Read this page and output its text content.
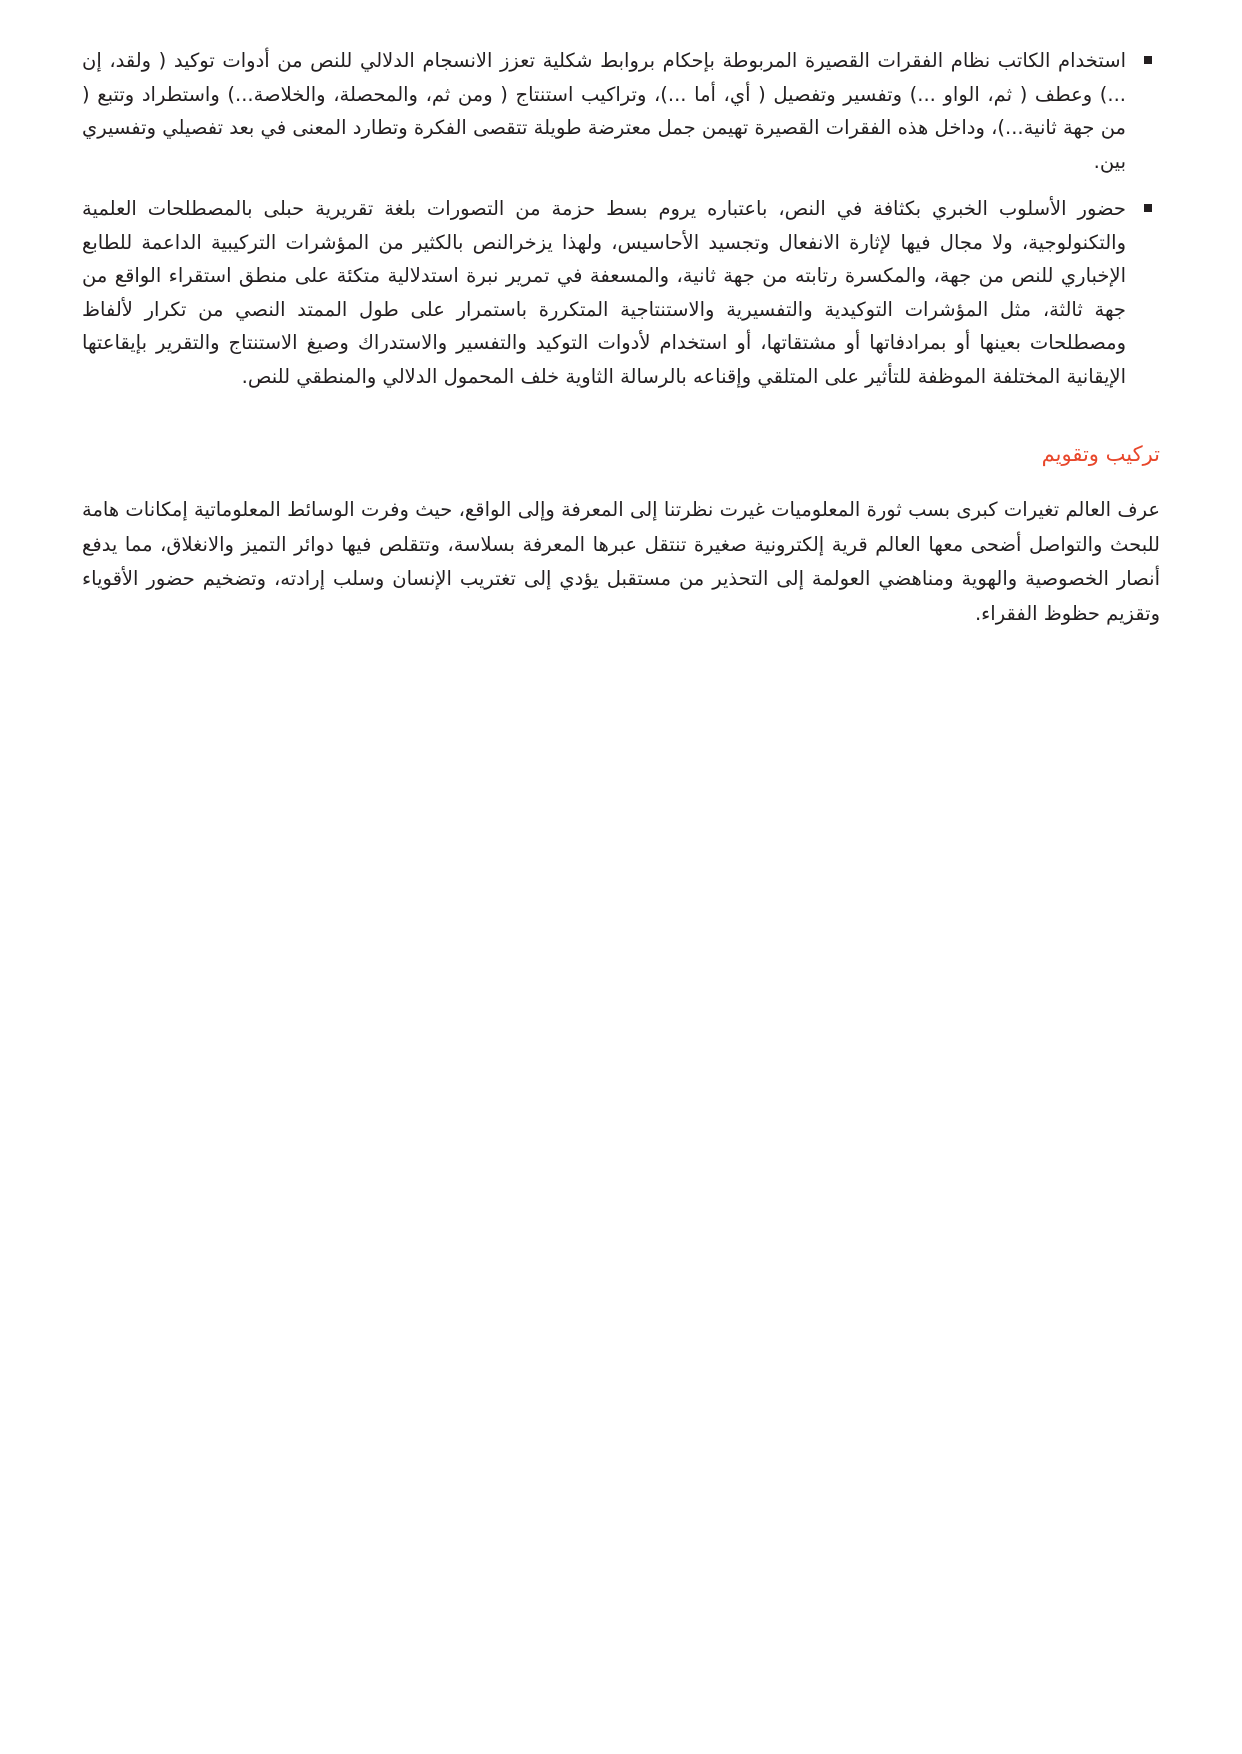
استخدام الكاتب نظام الفقرات القصيرة المربوطة بإحكام بروابط شكلية تعزز الانسجام الدلالي للنص من أدوات توكيد ( ولقد، إن ...) وعطف ( ثم، الواو ...) وتفسير وتفصيل ( أي، أما ...)، وتراكيب استنتاج ( ومن ثم، والمحصلة، والخلاصة...) واستطراد وتتبع ( من جهة ثانية...)، وداخل هذه الفقرات القصيرة تهيمن جمل معترضة طويلة تتقصى الفكرة وتطارد المعنى في بعد تفصيلي وتفسيري بين.
حضور الأسلوب الخبري بكثافة في النص، باعتباره يروم بسط حزمة من التصورات بلغة تقريرية حبلى بالمصطلحات العلمية والتكنولوجية، ولا مجال فيها لإثارة الانفعال وتجسيد الأحاسيس، ولهذا يزخرالنص بالكثير من المؤشرات التركيبية الداعمة للطابع الإخباري للنص من جهة، والمكسرة رتابته من جهة ثانية، والمسعفة في تمرير نبرة استدلالية متكئة على منطق استقراء الواقع من جهة ثالثة، مثل المؤشرات التوكيدية والتفسيرية والاستنتاجية المتكررة باستمرار على طول الممتد النصي من تكرار لألفاظ ومصطلحات بعينها أو بمرادفاتها أو مشتقاتها، أو استخدام لأدوات التوكيد والتفسير والاستدراك وصيغ الاستنتاج والتقرير بإيقاعتها الإيقانية المختلفة الموظفة للتأثير على المتلقي وإقناعه بالرسالة الثاوية خلف المحمول الدلالي والمنطقي للنص.
تركيب وتقويم

عرف العالم تغيرات كبرى بسب ثورة المعلوميات غيرت نظرتنا إلى المعرفة وإلى الواقع، حيث وفرت الوسائط المعلوماتية إمكانات هامة للبحث والتواصل أضحى معها العالم قرية إلكترونية صغيرة تنتقل عبرها المعرفة بسلاسة، وتتقلص فيها دوائر التميز والانغلاق، مما يدفع أنصار الخصوصية والهوية ومناهضي العولمة إلى التحذير من مستقبل يؤدي إلى تغتريب الإنسان وسلب إرادته، وتضخيم حضور الأقوياء وتقزيم حظوظ الفقراء.
